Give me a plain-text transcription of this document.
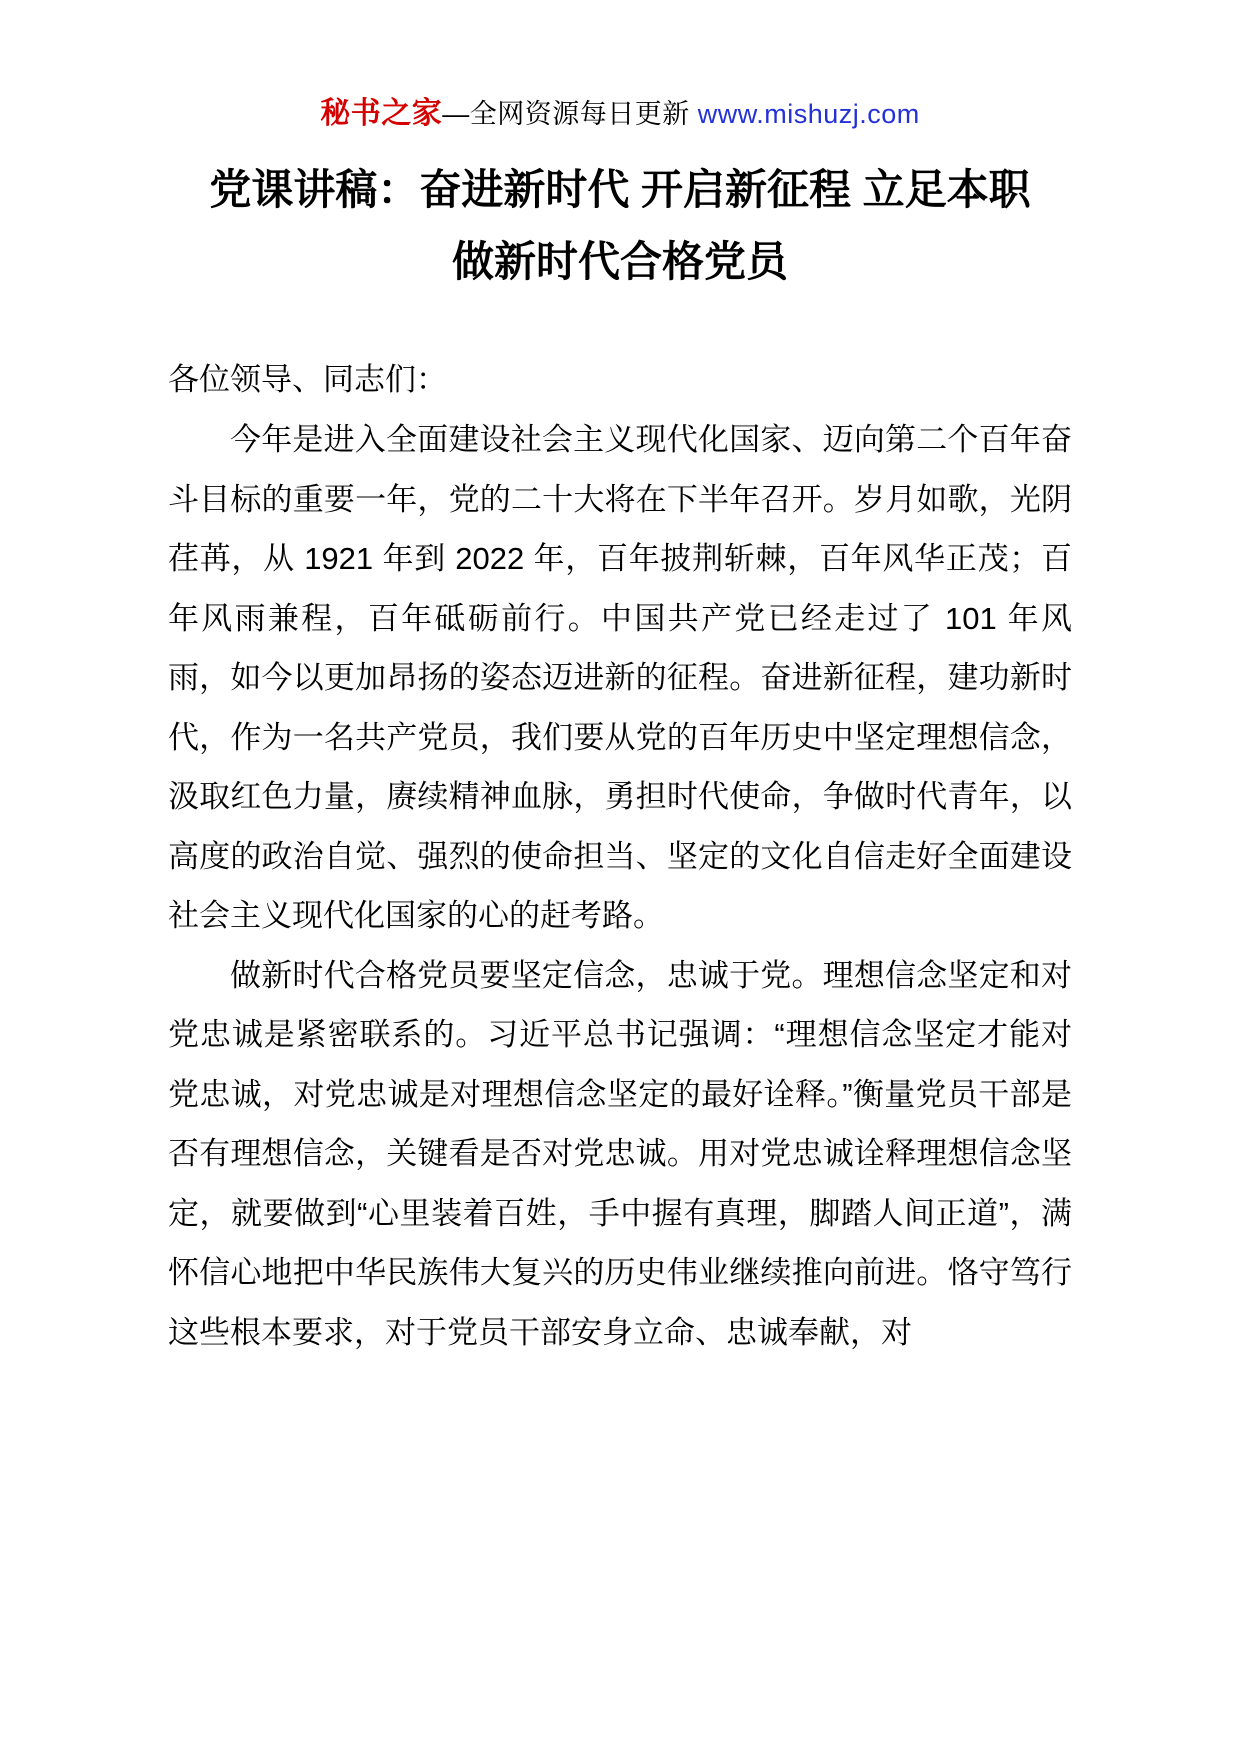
秘书之家—全网资源每日更新 www.mishuzj.com
党课讲稿：奋进新时代 开启新征程 立足本职做新时代合格党员

各位领导、同志们：

今年是进入全面建设社会主义现代化国家、迈向第二个百年奋斗目标的重要一年，党的二十大将在下半年召开。岁月如歌，光阴荏苒，从 1921 年到 2022 年，百年披荆斩棘，百年风华正茂；百年风雨兼程，百年砥砺前行。中国共产党已经走过了 101 年风雨，如今以更加昂扬的姿态迈进新的征程。奋进新征程，建功新时代，作为一名共产党员，我们要从党的百年历史中坚定理想信念，汲取红色力量，赓续精神血脉，勇担时代使命，争做时代青年，以高度的政治自觉、强烈的使命担当、坚定的文化自信走好全面建设社会主义现代化国家的心的赶考路。

做新时代合格党员要坚定信念，忠诚于党。理想信念坚定和对党忠诚是紧密联系的。习近平总书记强调：“理想信念坚定才能对党忠诚，对党忠诚是对理想信念坚定的最好诠释。”衡量党员干部是否有理想信念，关键看是否对党忠诚。用对党忠诚诠释理想信念坚定，就要做到“心里装着百姓，手中握有真理，脚踏人间正道”，满怀信心地把中华民族伟大复兴的历史伟业继续推向前进。恪守笃行这些根本要求，对于党员干部安身立命、忠诚奉献，对
